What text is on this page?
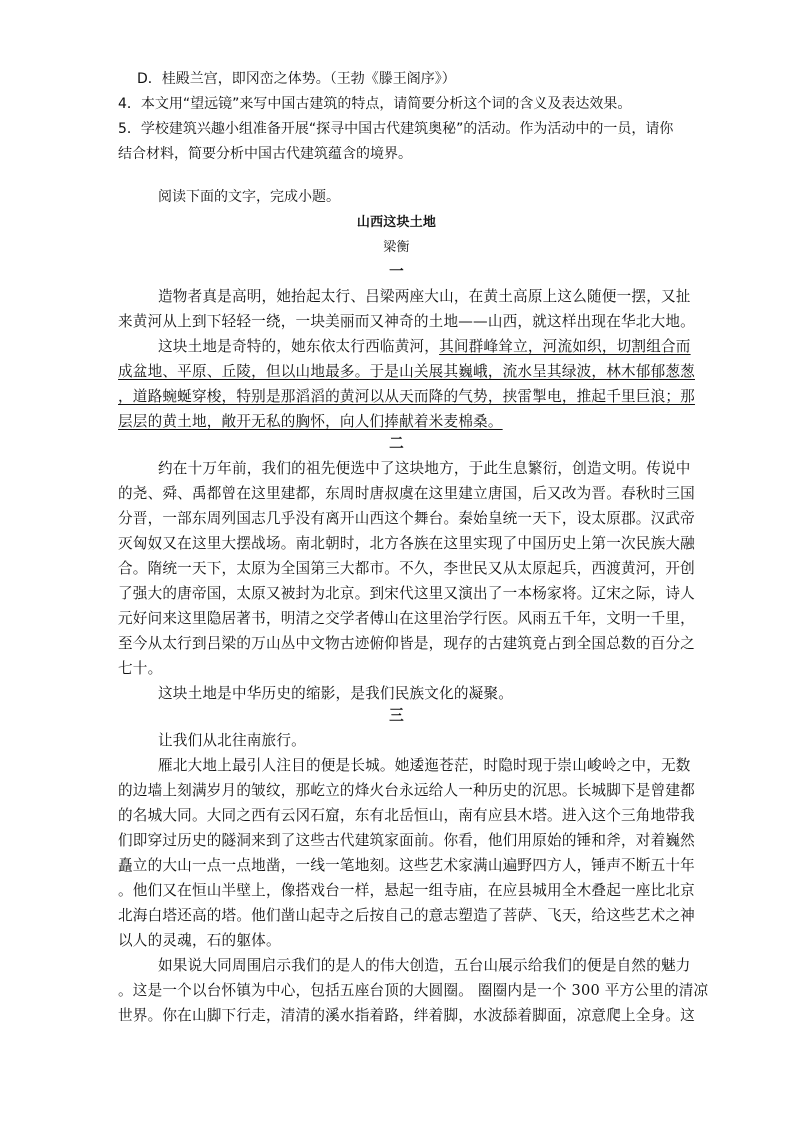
D．桂殿兰宫，即冈峦之体势。（王勃《滕王阁序》）
4．本文用“望远镜”来写中国古建筑的特点，请简要分析这个词的含义及表达效果。
5．学校建筑兴趣小组准备开展“探寻中国古代建筑奥秘”的活动。作为活动中的一员，请你
结合材料，简要分析中国古代建筑蕴含的境界。
阅读下面的文字，完成小题。
山西这块土地
梁衡
一
造物者真是高明，她抬起太行、吕梁两座大山，在黄土高原上这么随便一摆，又扯
来黄河从上到下轻轻一绕，一块美丽而又神奇的土地——山西，就这样出现在华北大地。
这块土地是奇特的，她东依太行西临黄河，其间群峰耸立，河流如织，切割组合而
成盆地、平原、丘陵，但以山地最多。于是山关展其巍峨，流水呈其绿波，林木郁郁葱葱
，道路蜿蜒穿梭，特别是那滔滔的黄河以从天而降的气势，挟雷掣电，推起千里巨浪；那
层层的黄土地，敞开无私的胸怀，向人们捧献着米麦棉桑。
二
约在十万年前，我们的祖先便选中了这块地方，于此生息繁衍，创造文明。传说中
的尧、舜、禹都曾在这里建都，东周时唐叔虞在这里建立唐国，后又改为晋。春秋时三国
分晋，一部东周列国志几乎没有离开山西这个舞台。秦始皇统一天下，设太原郡。汉武帝
灭匈奴又在这里大摆战场。南北朝时，北方各族在这里实现了中国历史上第一次民族大融
合。隋统一天下，太原为全国第三大都市。不久，李世民又从太原起兵，西渡黄河，开创
了强大的唐帝国，太原又被封为北京。到宋代这里又演出了一本杨家将。辽宋之际，诗人
元好问来这里隐居著书，明清之交学者傅山在这里治学行医。风雨五千年，文明一千里，
至今从太行到吕梁的万山丛中文物古迹俯仰皆是，现存的古建筑竟占到全国总数的百分之
七十。
这块土地是中华历史的缩影，是我们民族文化的凝聚。
三
让我们从北往南旅行。
雁北大地上最引人注目的便是长城。她逶迤苍茫，时隐时现于崇山峻岭之中，无数
的边墙上刻满岁月的皱纹，那屹立的烽火台永远给人一种历史的沉思。长城脚下是曾建都
的名城大同。大同之西有云冈石窟，东有北岳恒山，南有应县木塔。进入这个三角地带我
们即穿过历史的隧洞来到了这些古代建筑家面前。你看，他们用原始的锤和斧，对着巍然
矗立的大山一点一点地凿，一线一笔地刻。这些艺术家满山遍野四方人，锤声不断五十年
。他们又在恒山半壁上，像搭戏台一样，悬起一组寺庙，在应县城用全木叠起一座比北京
北海白塔还高的塔。他们凿山起寺之后按自己的意志塑造了菩萨、飞天，给这些艺术之神
以人的灵魂，石的躯体。
如果说大同周围启示我们的是人的伟大创造，五台山展示给我们的便是自然的魅力
。这是一个以台怀镇为中心，包括五座台顶的大圆圈。 圈圈内是一个 300 平方公里的清凉
世界。你在山脚下行走，清清的溪水指着路，绊着脚，水波舔着脚面，凉意爬上全身。这
